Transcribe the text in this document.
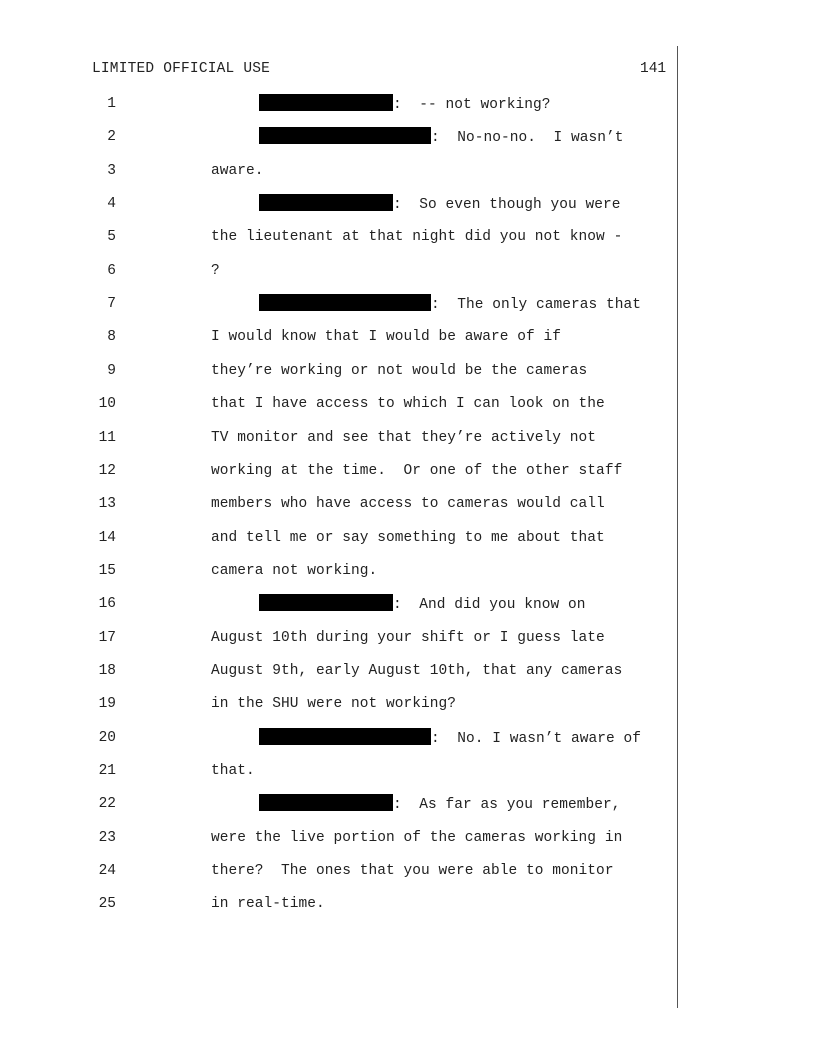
LIMITED OFFICIAL USE	141
1	:  -- not working?
2	:  No-no-no.  I wasn’t
3	aware.
4	:  So even though you were
5	the lieutenant at that night did you not know -
6	?
7	:  The only cameras that
8	I would know that I would be aware of if
9	they’re working or not would be the cameras
10	that I have access to which I can look on the
11	TV monitor and see that they’re actively not
12	working at the time.  Or one of the other staff
13	members who have access to cameras would call
14	and tell me or say something to me about that
15	camera not working.
16	:  And did you know on
17	August 10th during your shift or I guess late
18	August 9th, early August 10th, that any cameras
19	in the SHU were not working?
20	:  No. I wasn’t aware of
21	that.
22	:  As far as you remember,
23	were the live portion of the cameras working in
24	there?  The ones that you were able to monitor
25	in real-time.
